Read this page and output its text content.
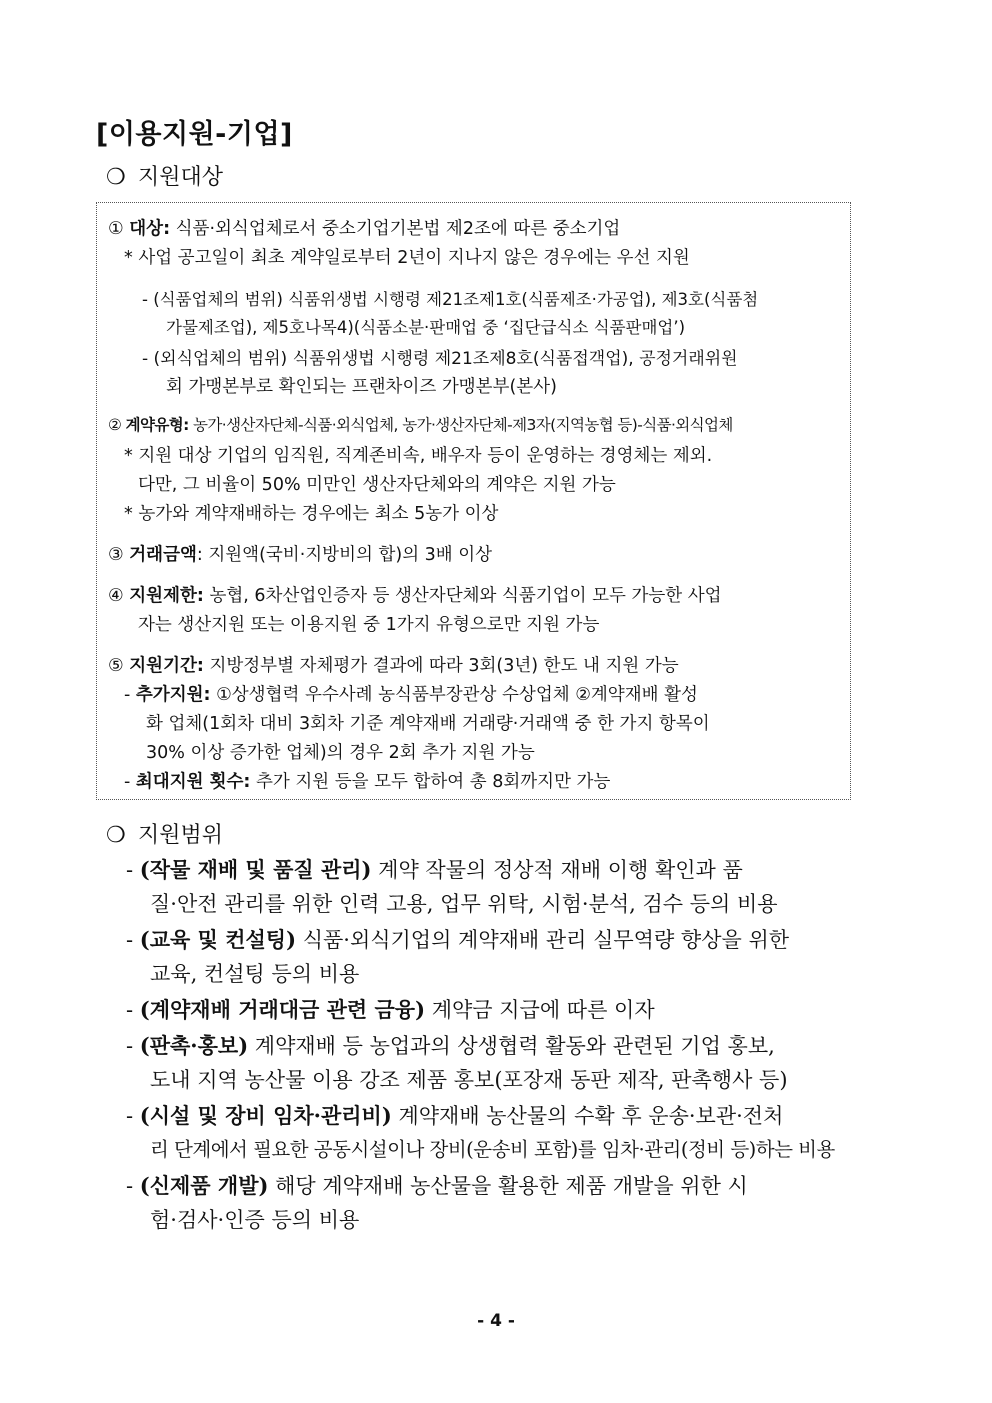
[이용지원-기업]
❍ 지원대상
① 대상: 식품·외식업체로서 중소기업기본법 제2조에 따른 중소기업
* 사업 공고일이 최초 계약일로부터 2년이 지나지 않은 경우에는 우선 지원
- (식품업체의 범위) 식품위생법 시행령 제21조제1호(식품제조·가공업), 제3호(식품첨
가물제조업), 제5호나목4)(식품소분·판매업 중 ‘집단급식소 식품판매업’)
- (외식업체의 범위) 식품위생법 시행령 제21조제8호(식품접객업), 공정거래위원
회 가맹본부로 확인되는 프랜차이즈 가맹본부(본사)
② 계약유형: 농가·생산자단체-식품·외식업체, 농가·생산자단체-제3자(지역농협 등)-식품·외식업체
* 지원 대상 기업의 임직원, 직계존비속, 배우자 등이 운영하는 경영체는 제외.
다만, 그 비율이 50% 미만인 생산자단체와의 계약은 지원 가능
* 농가와 계약재배하는 경우에는 최소 5농가 이상
③ 거래금액: 지원액(국비·지방비의 합)의 3배 이상
④ 지원제한: 농협, 6차산업인증자 등 생산자단체와 식품기업이 모두 가능한 사업
자는 생산지원 또는 이용지원 중 1가지 유형으로만 지원 가능
⑤ 지원기간: 지방정부별 자체평가 결과에 따라 3회(3년) 한도 내 지원 가능
- 추가지원: ①상생협력 우수사례 농식품부장관상 수상업체 ②계약재배 활성
화 업체(1회차 대비 3회차 기준 계약재배 거래량·거래액 중 한 가지 항목이
30% 이상 증가한 업체)의 경우 2회 추가 지원 가능
- 최대지원 횟수: 추가 지원 등을 모두 합하여 총 8회까지만 가능
❍ 지원범위
- (작물 재배 및 품질 관리) 계약 작물의 정상적 재배 이행 확인과 품
질·안전 관리를 위한 인력 고용, 업무 위탁, 시험·분석, 검수 등의 비용
- (교육 및 컨설팅) 식품·외식기업의 계약재배 관리 실무역량 향상을 위한
교육, 컨설팅 등의 비용
- (계약재배 거래대금 관련 금융) 계약금 지급에 따른 이자
- (판촉·홍보) 계약재배 등 농업과의 상생협력 활동와 관련된 기업 홍보,
도내 지역 농산물 이용 강조 제품 홍보(포장재 동판 제작, 판촉행사 등)
- (시설 및 장비 임차·관리비) 계약재배 농산물의 수확 후 운송·보관·전처
리 단계에서 필요한 공동시설이나 장비(운송비 포함)를 임차·관리(정비 등)하는 비용
- (신제품 개발) 해당 계약재배 농산물을 활용한 제품 개발을 위한 시
험·검사·인증 등의 비용
- 4 -
